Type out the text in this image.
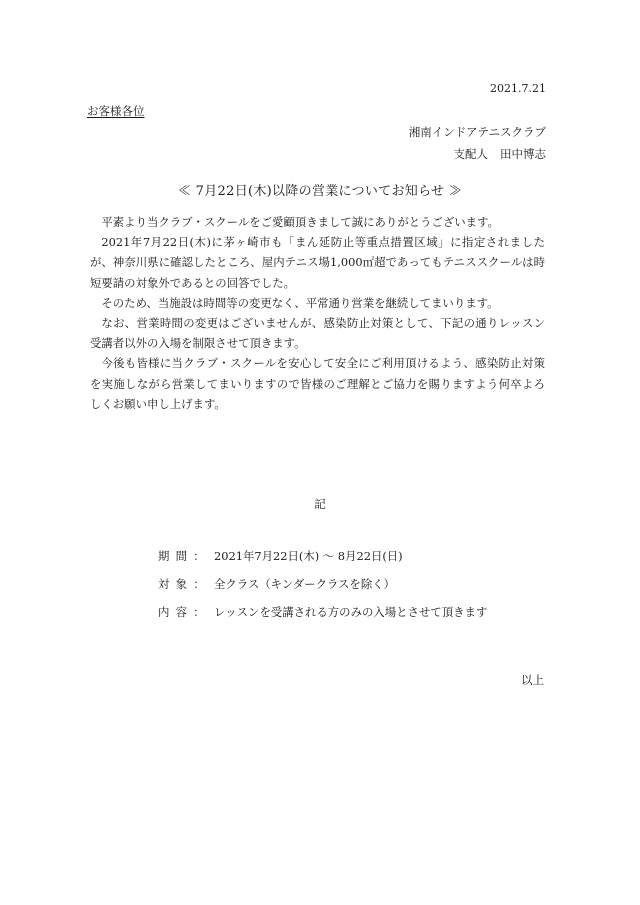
2021.7.21
お客様各位
湘南インドアテニスクラブ
支配人 田中博志
≪ 7月22日(木)以降の営業についてお知らせ ≫

平素より当クラブ・スクールをご愛顧頂きまして誠にありがとうございます。

2021年7月22日(木)に茅ヶ崎市も「まん延防止等重点措置区域」に指定されましたが、神奈川県に確認したところ、屋内テニス場1,000㎡超であってもテニススクールは時短要請の対象外であるとの回答でした。

そのため、当施設は時間等の変更なく、平常通り営業を継続してまいります。

なお、営業時間の変更はございませんが、感染防止対策として、下記の通りレッスン受講者以外の入場を制限させて頂きます。

今後も皆様に当クラブ・スクールを安心して安全にご利用頂けるよう、感染防止対策を実施しながら営業してまいりますので皆様のご理解とご協力を賜りますよう何卒よろしくお願い申し上げます。

記
期間 ： 2021年7月22日(木) ～ 8月22日(日)
対象 ： 全クラス（キンダークラスを除く）
内容 ： レッスンを受講される方のみの入場とさせて頂きます
以上
